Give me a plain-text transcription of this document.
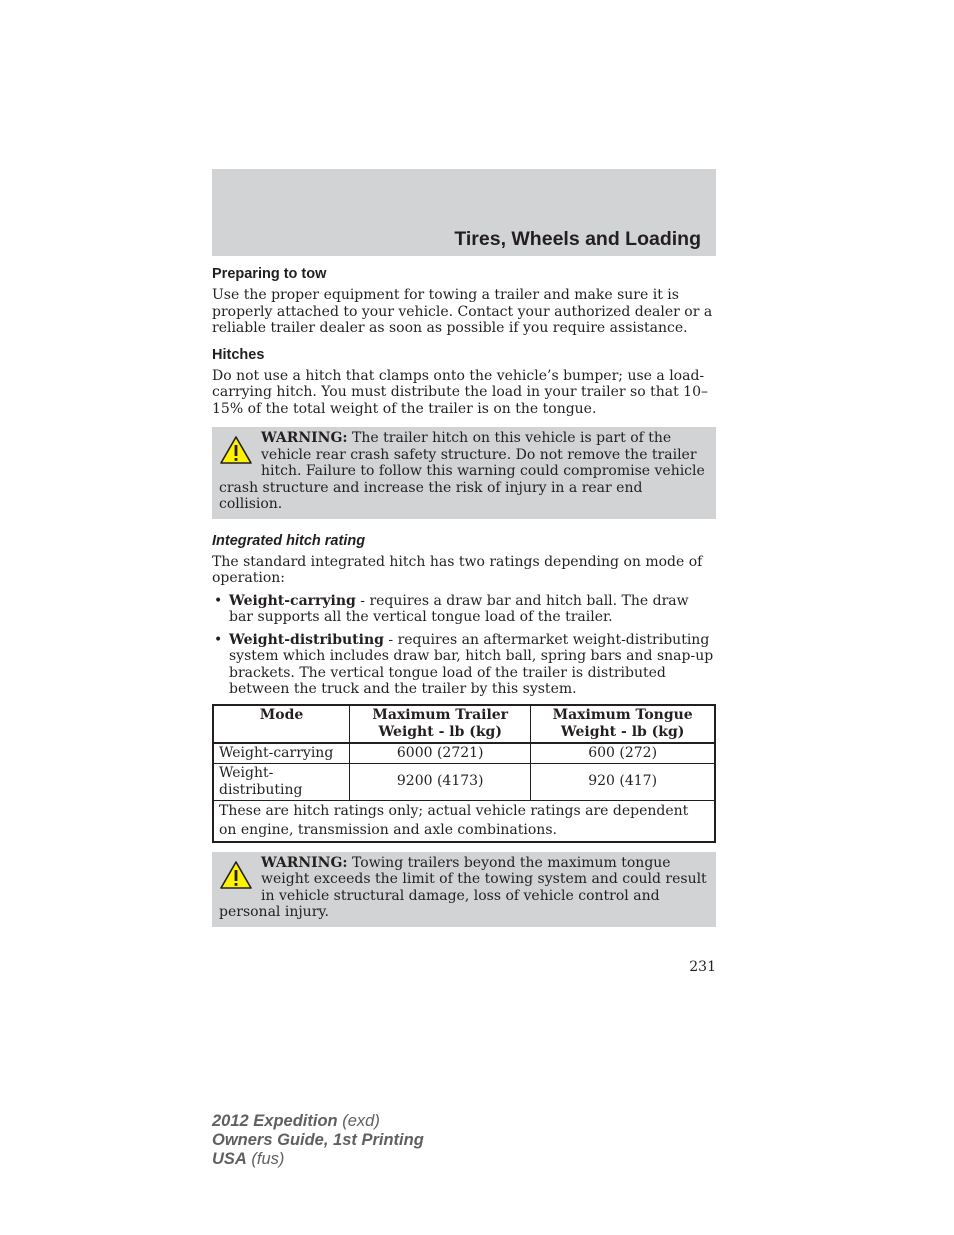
Tires, Wheels and Loading
Preparing to tow

Use the proper equipment for towing a trailer and make sure it is properly attached to your vehicle. Contact your authorized dealer or a reliable trailer dealer as soon as possible if you require assistance.

Hitches

Do not use a hitch that clamps onto the vehicle’s bumper; use a load-carrying hitch. You must distribute the load in your trailer so that 10–15% of the total weight of the trailer is on the tongue.

WARNING: The trailer hitch on this vehicle is part of the vehicle rear crash safety structure. Do not remove the trailer hitch. Failure to follow this warning could compromise vehicle crash structure and increase the risk of injury in a rear end collision.
Integrated hitch rating

The standard integrated hitch has two ratings depending on mode of operation:

• Weight-carrying - requires a draw bar and hitch ball. The draw bar supports all the vertical tongue load of the trailer.
• Weight-distributing - requires an aftermarket weight-distributing system which includes draw bar, hitch ball, spring bars and snap-up brackets. The vertical tongue load of the trailer is distributed between the truck and the trailer by this system.
Mode	Maximum Trailer Weight - lb (kg)	Maximum Tongue Weight - lb (kg)
Weight-carrying	6000 (2721)	600 (272)
Weight-distributing	9200 (4173)	920 (417)
These are hitch ratings only; actual vehicle ratings are dependent on engine, transmission and axle combinations.		
WARNING: Towing trailers beyond the maximum tongue weight exceeds the limit of the towing system and could result in vehicle structural damage, loss of vehicle control and personal injury.
231
2012 Expedition (exd)
Owners Guide, 1st Printing
USA (fus)
